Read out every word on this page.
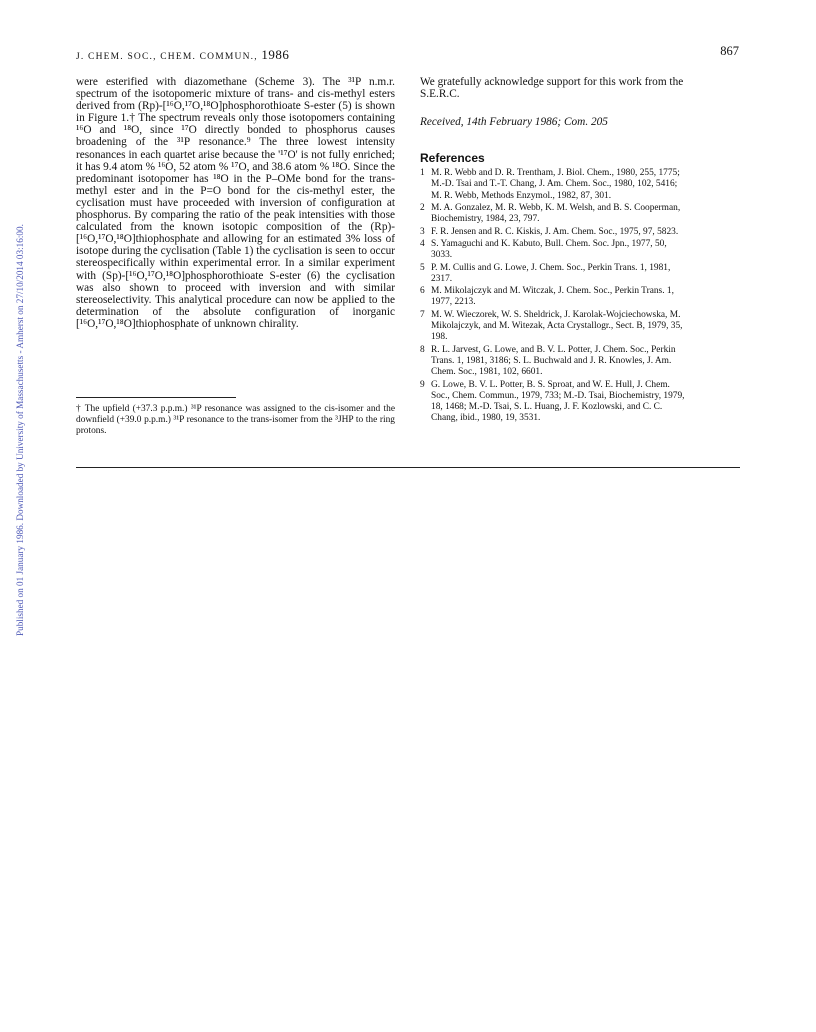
J. CHEM. SOC., CHEM. COMMUN., 1986	867
Published on 01 January 1986. Downloaded by University of Massachusetts - Amherst on 27/10/2014 03:16:00.

were esterified with diazomethane (Scheme 3). The ³¹P n.m.r. spectrum of the isotopomeric mixture of trans- and cis-methyl esters derived from (Rp)-[¹⁶O,¹⁷O,¹⁸O]phosphorothioate S-ester (5) is shown in Figure 1.† The spectrum reveals only those isotopomers containing ¹⁶O and ¹⁸O, since ¹⁷O directly bonded to phosphorus causes broadening of the ³¹P resonance.⁹ The three lowest intensity resonances in each quartet arise because the '¹⁷O' is not fully enriched; it has 9.4 atom % ¹⁶O, 52 atom % ¹⁷O, and 38.6 atom % ¹⁸O. Since the predominant isotopomer has ¹⁸O in the P–OMe bond for the trans-methyl ester and in the P=O bond for the cis-methyl ester, the cyclisation must have proceeded with inversion of configuration at phosphorus. By comparing the ratio of the peak intensities with those calculated from the known isotopic composition of the (Rp)-[¹⁶O,¹⁷O,¹⁸O]thiophosphate and allowing for an estimated 3% loss of isotope during the cyclisation (Table 1) the cyclisation is seen to occur stereospecifically within experimental error. In a similar experiment with (Sp)-[¹⁶O,¹⁷O,¹⁸O]phosphorothioate S-ester (6) the cyclisation was also shown to proceed with inversion and with similar stereoselectivity. This analytical procedure can now be applied to the determination of the absolute configuration of inorganic [¹⁶O,¹⁷O,¹⁸O]thiophosphate of unknown chirality.

† The upfield (+37.3 p.p.m.) ³¹P resonance was assigned to the cis-isomer and the downfield (+39.0 p.p.m.) ³¹P resonance to the trans-isomer from the ³JHP to the ring protons.

We gratefully acknowledge support for this work from the
S.E.R.C.

Received, 14th February 1986; Com. 205

References
1 M. R. Webb and D. R. Trentham, J. Biol. Chem., 1980, 255, 1775;
M.-D. Tsai and T.-T. Chang, J. Am. Chem. Soc., 1980, 102, 5416;
M. R. Webb, Methods Enzymol., 1982, 87, 301.
2 M. A. Gonzalez, M. R. Webb, K. M. Welsh, and B. S. Cooperman,
Biochemistry, 1984, 23, 797.
3 F. R. Jensen and R. C. Kiskis, J. Am. Chem. Soc., 1975, 97, 5823.
4 S. Yamaguchi and K. Kabuto, Bull. Chem. Soc. Jpn., 1977, 50,
3033.
5 P. M. Cullis and G. Lowe, J. Chem. Soc., Perkin Trans. 1, 1981,
2317.
6 M. Mikolajczyk and M. Witczak, J. Chem. Soc., Perkin Trans. 1,
1977, 2213.
7 M. W. Wieczorek, W. S. Sheldrick, J. Karolak-Wojciechowska, M.
Mikolajczyk, and M. Witezak, Acta Crystallogr., Sect. B, 1979, 35,
198.
8 R. L. Jarvest, G. Lowe, and B. V. L. Potter, J. Chem. Soc., Perkin
Trans. 1, 1981, 3186; S. L. Buchwald and J. R. Knowles, J. Am.
Chem. Soc., 1981, 102, 6601.
9 G. Lowe, B. V. L. Potter, B. S. Sproat, and W. E. Hull, J. Chem.
Soc., Chem. Commun., 1979, 733; M.-D. Tsai, Biochemistry, 1979,
18, 1468; M.-D. Tsai, S. L. Huang, J. F. Kozlowski, and C. C.
Chang, ibid., 1980, 19, 3531.
